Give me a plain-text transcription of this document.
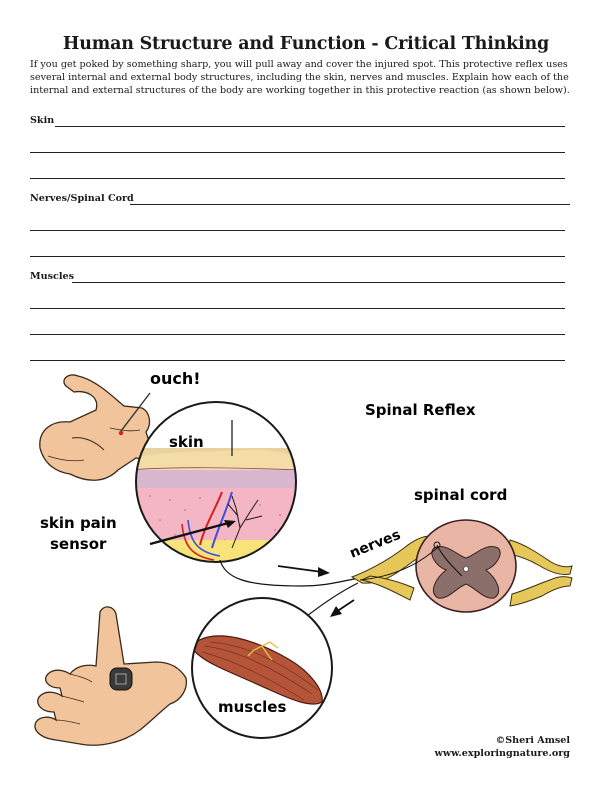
Human Structure and Function - Critical Thinking
If you get poked by something sharp, you will pull away and cover the injured spot. This protective reflex uses several internal and external body structures, including the skin, nerves and muscles. Explain how each of the internal and external structures of the body are working together in this protective reaction (as shown below).
Skin
Nerves/Spinal Cord
Muscles
ouch!
skin
skin pain
sensor
Spinal Reflex
spinal cord
nerves
muscles
©Sheri Amsel
www.exploringnature.org
